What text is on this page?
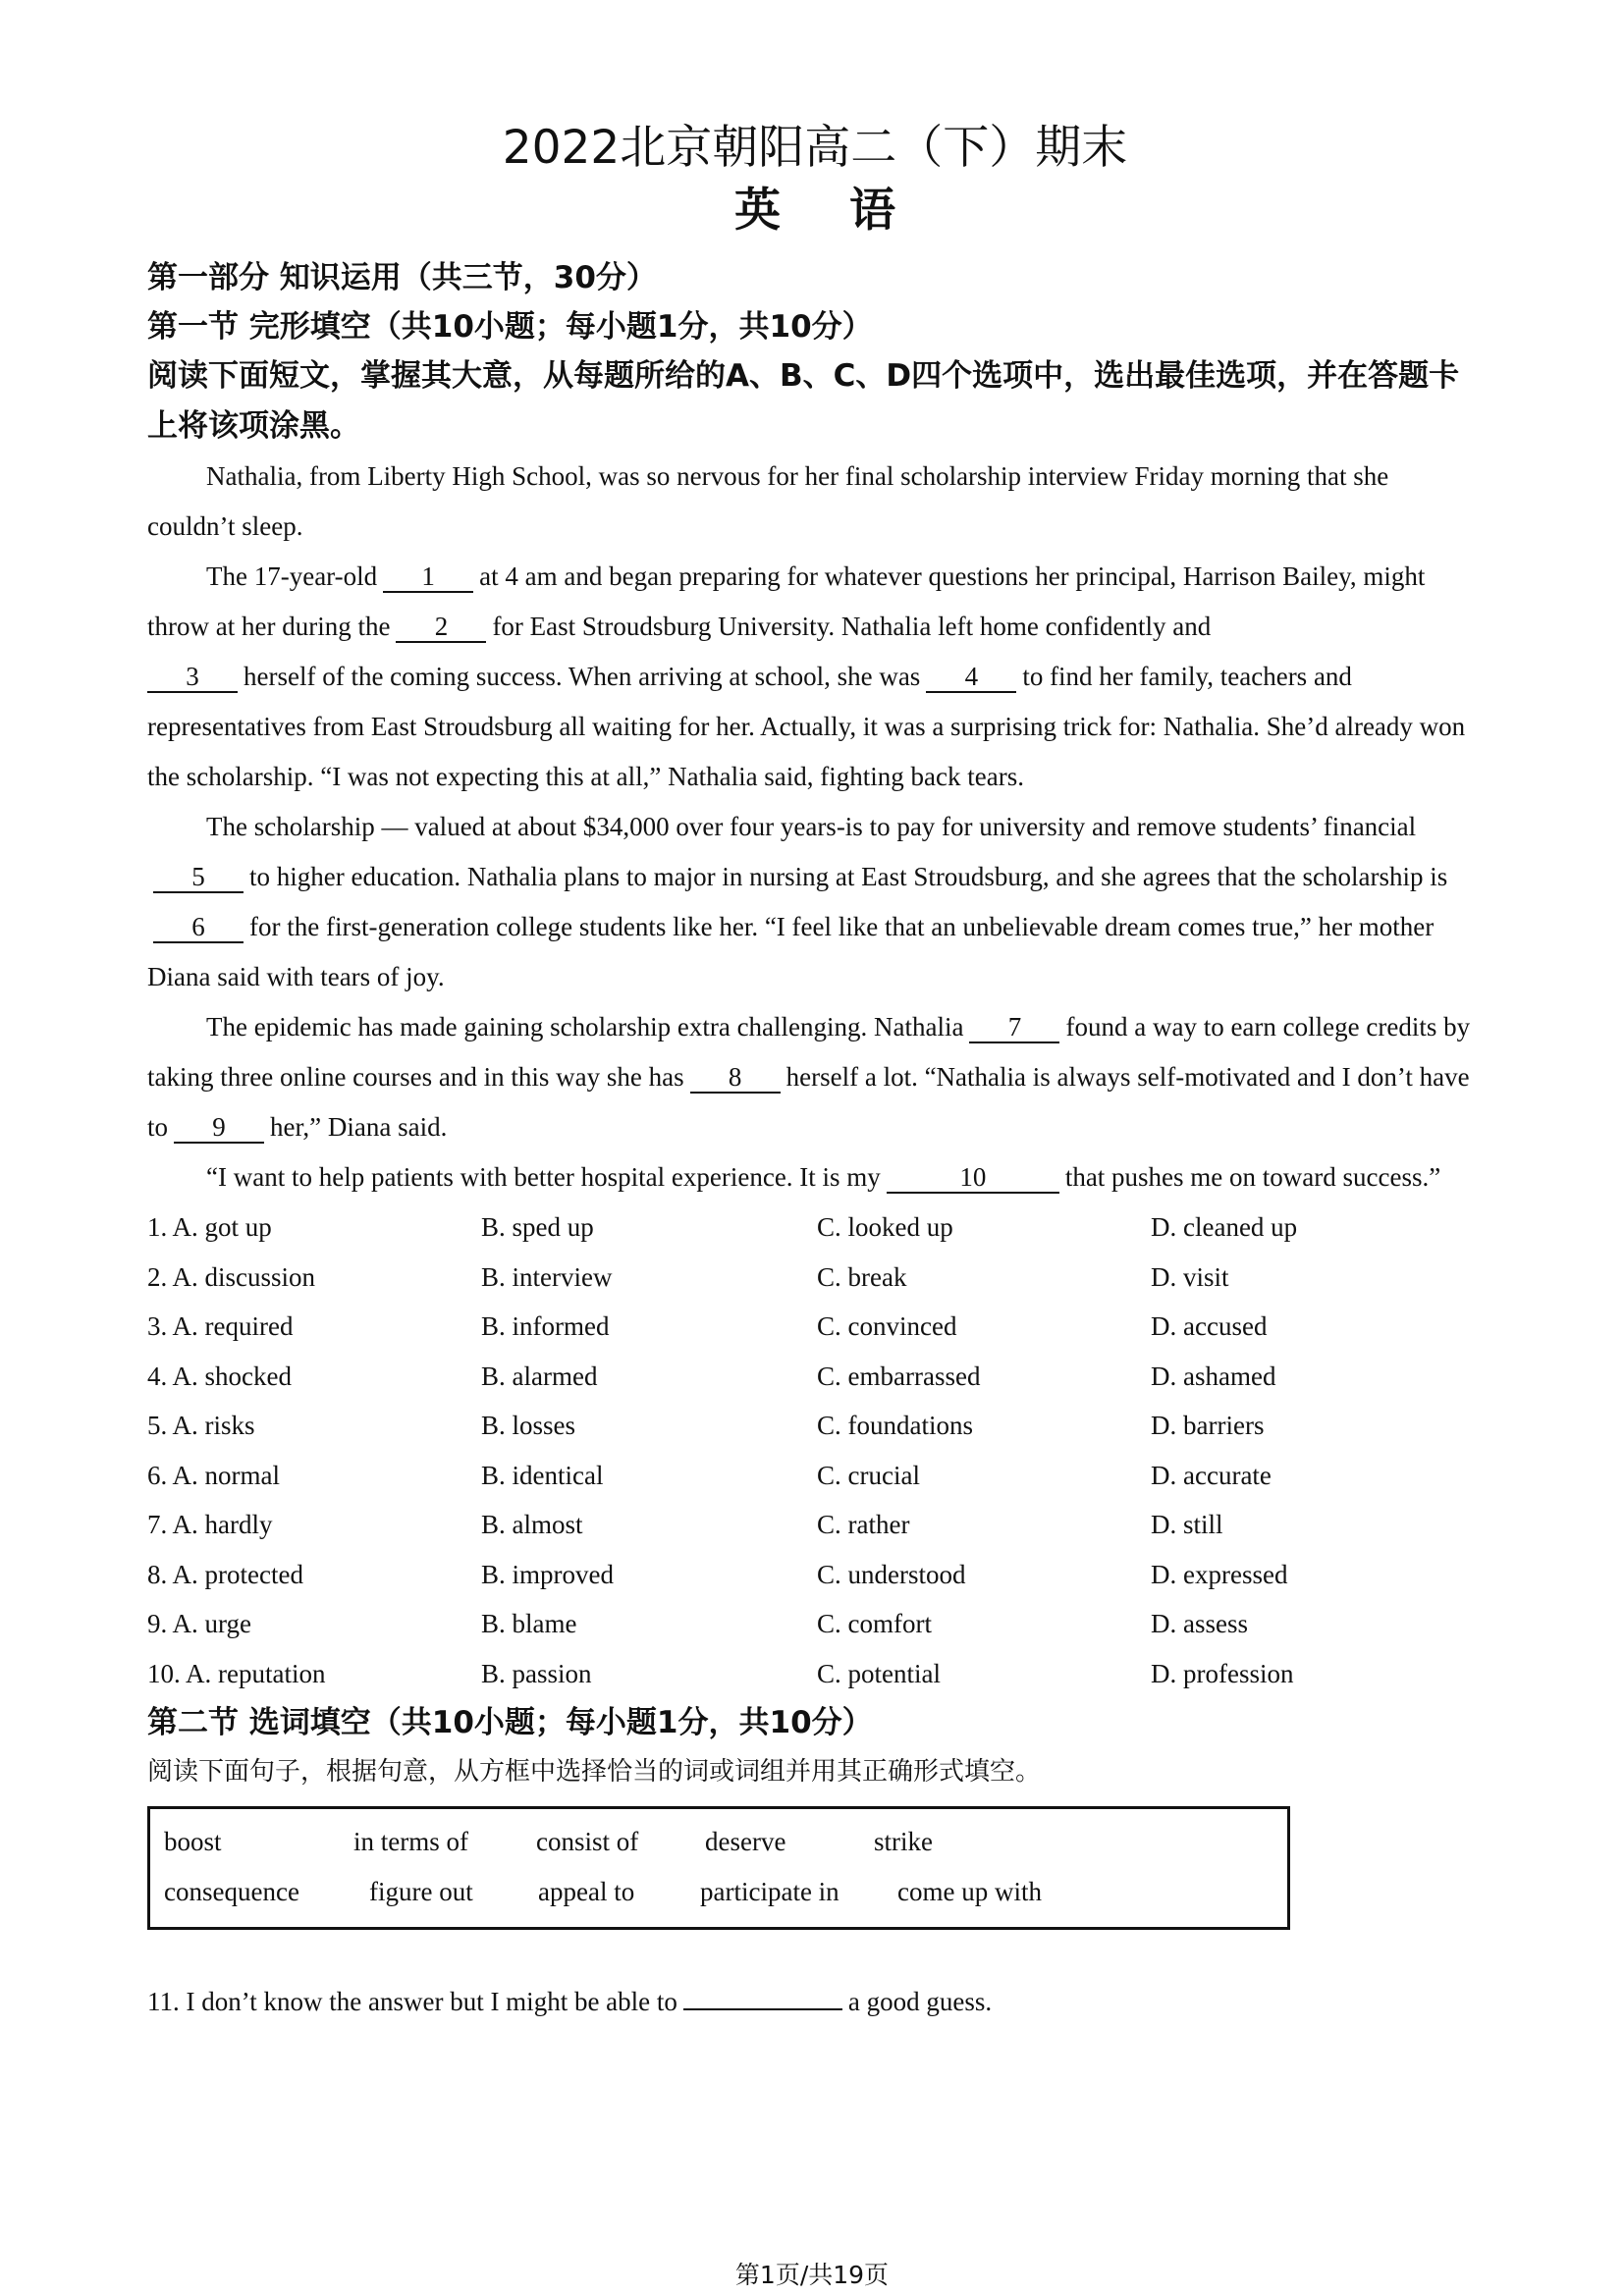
2022北京朝阳高二（下）期末
英语

第一部分 知识运用（共三节，30分）

第一节 完形填空（共10小题；每小题1分，共10分）

阅读下面短文，掌握其大意，从每题所给的A、B、C、D四个选项中，选出最佳选项，并在答题卡上将该项涂黑。

Nathalia, from Liberty High School, was so nervous for her final scholarship interview Friday morning that she couldn’t sleep.

The 17-year-old 1 at 4 am and began preparing for whatever questions her principal, Harrison Bailey, might throw at her during the 2 for East Stroudsburg University. Nathalia left home confidently and
3 herself of the coming success. When arriving at school, she was 4 to find her family, teachers and representatives from East Stroudsburg all waiting for her. Actually, it was a surprising trick for: Nathalia. She’d already won the scholarship. “I was not expecting this at all,” Nathalia said, fighting back tears.

The scholarship — valued at about $34,000 over four years-is to pay for university and remove students’ financial5 to higher education. Nathalia plans to major in nursing at East Stroudsburg, and she agrees that the scholarship is6 for the first-generation college students like her. “I feel like that an unbelievable dream comes true,” her mother Diana said with tears of joy.

The epidemic has made gaining scholarship extra challenging. Nathalia 7 found a way to earn college credits by taking three online courses and in this way she has 8 herself a lot. “Nathalia is always self-motivated and I don’t have to 9 her,” Diana said.

“I want to help patients with better hospital experience. It is my	10	that pushes me on toward success.”

1. A. got up	B. sped up	C. looked up	D. cleaned up
2. A. discussion	B. interview	C. break	D. visit
3. A. required	B. informed	C. convinced	D. accused
4. A. shocked	B. alarmed	C. embarrassed	D. ashamed
5. A. risks	B. losses	C. foundations	D. barriers
6. A. normal	B. identical	C. crucial	D. accurate
7. A. hardly	B. almost	C. rather	D. still
8. A. protected	B. improved	C. understood	D. expressed
9. A. urge	B. blame	C. comfort	D. assess
10. A. reputation	B. passion	C. potential	D. profession

第二节 选词填空（共10小题；每小题1分，共10分）

阅读下面句子，根据句意，从方框中选择恰当的词或词组并用其正确形式填空。

boost	in terms of	consist of	deserve	strike
consequence	figure out	appeal to	participate in	come up with

11. I don’t know the answer but I might be able to	a good guess.

第1页/共19页
